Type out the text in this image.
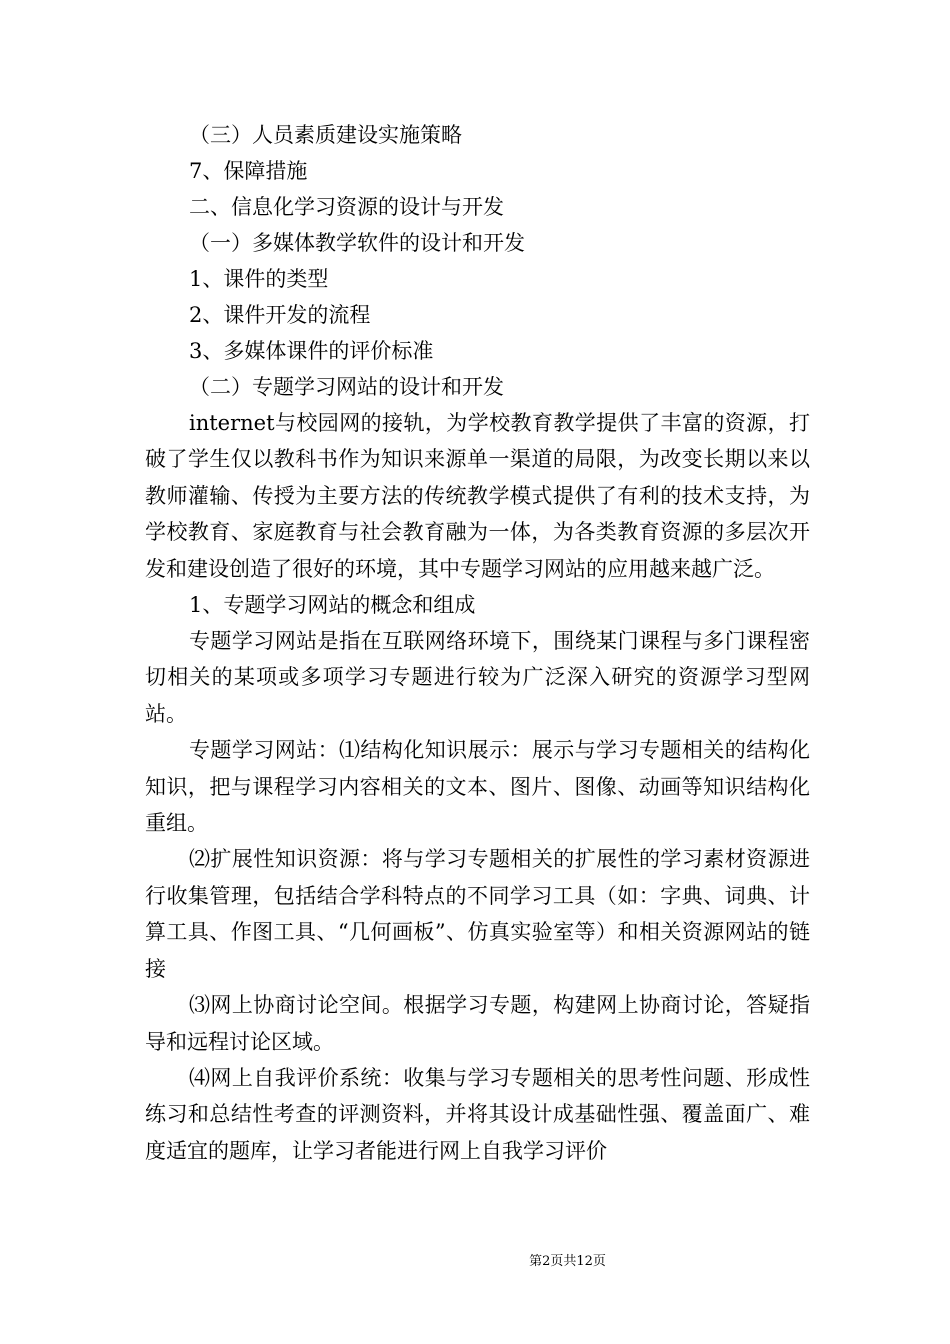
（三）人员素质建设实施策略
7、保障措施
二、信息化学习资源的设计与开发
（一）多媒体教学软件的设计和开发
1、课件的类型
2、课件开发的流程
3、多媒体课件的评价标准
（二）专题学习网站的设计和开发

internet与校园网的接轨，为学校教育教学提供了丰富的资源，打破了学生仅以教科书作为知识来源单一渠道的局限，为改变长期以来以教师灌输、传授为主要方法的传统教学模式提供了有利的技术支持，为学校教育、家庭教育与社会教育融为一体，为各类教育资源的多层次开发和建设创造了很好的环境，其中专题学习网站的应用越来越广泛。

1、专题学习网站的概念和组成

专题学习网站是指在互联网络环境下，围绕某门课程与多门课程密切相关的某项或多项学习专题进行较为广泛深入研究的资源学习型网站。

专题学习网站：⑴结构化知识展示：展示与学习专题相关的结构化知识，把与课程学习内容相关的文本、图片、图像、动画等知识结构化重组。

⑵扩展性知识资源：将与学习专题相关的扩展性的学习素材资源进行收集管理，包括结合学科特点的不同学习工具（如：字典、词典、计算工具、作图工具、“几何画板”、仿真实验室等）和相关资源网站的链接

⑶网上协商讨论空间。根据学习专题，构建网上协商讨论，答疑指导和远程讨论区域。

⑷网上自我评价系统：收集与学习专题相关的思考性问题、形成性练习和总结性考查的评测资料，并将其设计成基础性强、覆盖面广、难度适宜的题库，让学习者能进行网上自我学习评价

第2页共12页
